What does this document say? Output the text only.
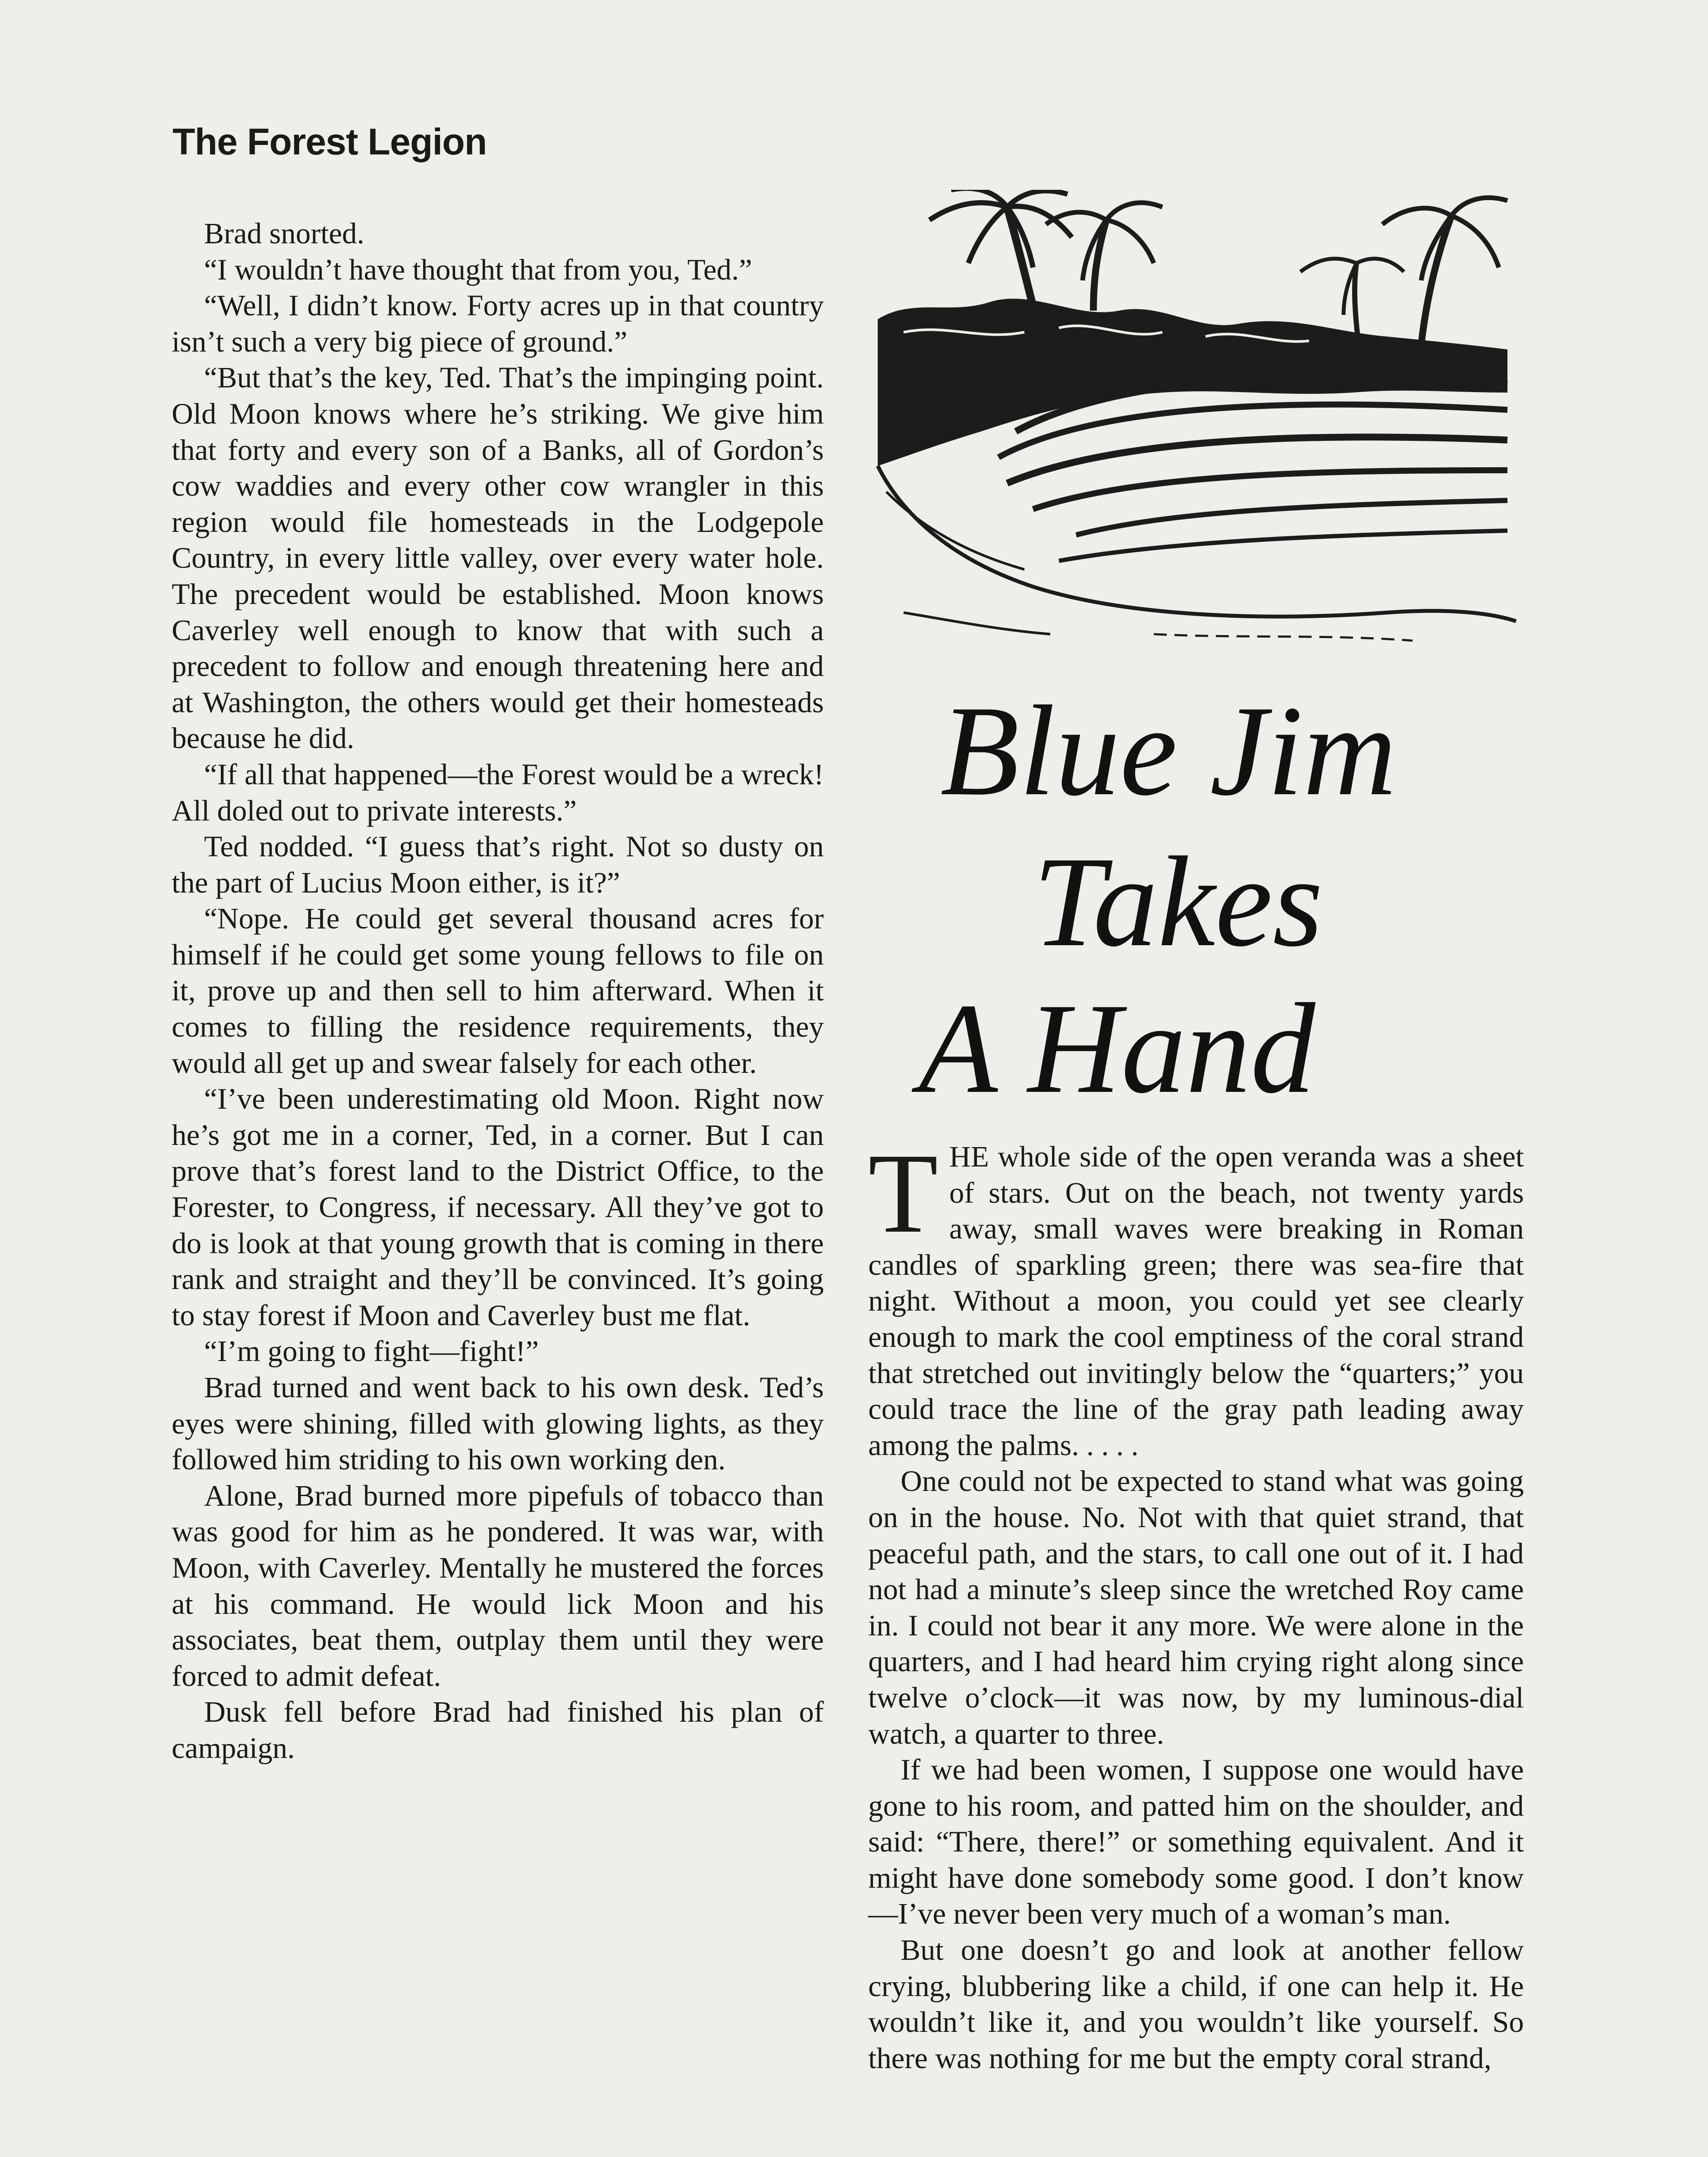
The Forest Legion

Brad snorted.

“I wouldn’t have thought that from you, Ted.”

“Well, I didn’t know. Forty acres up in that country isn’t such a very big piece of ground.”

“But that’s the key, Ted. That’s the impinging point. Old Moon knows where he’s striking. We give him that forty and every son of a Banks, all of Gordon’s cow waddies and every other cow wrangler in this region would file homesteads in the Lodgepole Country, in every little valley, over every water hole. The precedent would be established. Moon knows Caverley well enough to know that with such a precedent to follow and enough threatening here and at Washington, the others would get their homesteads because he did.

“If all that happened—the Forest would be a wreck! All doled out to private interests.”

Ted nodded. “I guess that’s right. Not so dusty on the part of Lucius Moon either, is it?”

“Nope. He could get several thousand acres for himself if he could get some young fellows to file on it, prove up and then sell to him afterward. When it comes to filling the residence requirements, they would all get up and swear falsely for each other.

“I’ve been underestimating old Moon. Right now he’s got me in a corner, Ted, in a corner. But I can prove that’s forest land to the District Office, to the Forester, to Congress, if necessary. All they’ve got to do is look at that young growth that is coming in there rank and straight and they’ll be convinced. It’s going to stay forest if Moon and Caverley bust me flat.

“I’m going to fight—fight!”

Brad turned and went back to his own desk. Ted’s eyes were shining, filled with glowing lights, as they followed him striding to his own working den.

Alone, Brad burned more pipefuls of tobacco than was good for him as he pondered. It was war, with Moon, with Caverley. Mentally he mustered the forces at his command. He would lick Moon and his associates, beat them, outplay them until they were forced to admit defeat.

Dusk fell before Brad had finished his plan of campaign.

Blue Jim
Takes
A Hand

THE whole side of the open veranda was a sheet of stars. Out on the beach, not twenty yards away, small waves were breaking in Roman candles of sparkling green; there was sea-fire that night. Without a moon, you could yet see clearly enough to mark the cool emptiness of the coral strand that stretched out invitingly below the “quarters;” you could trace the line of the gray path leading away among the palms. . . . .

One could not be expected to stand what was going on in the house. No. Not with that quiet strand, that peaceful path, and the stars, to call one out of it. I had not had a minute’s sleep since the wretched Roy came in. I could not bear it any more. We were alone in the quarters, and I had heard him crying right along since twelve o’clock—it was now, by my luminous-dial watch, a quarter to three.

If we had been women, I suppose one would have gone to his room, and patted him on the shoulder, and said: “There, there!” or something equivalent. And it might have done somebody some good. I don’t know—I’ve never been very much of a woman’s man.

But one doesn’t go and look at another fellow crying, blubbering like a child, if one can help it. He wouldn’t like it, and you wouldn’t like yourself. So there was nothing for me but the empty coral strand,
